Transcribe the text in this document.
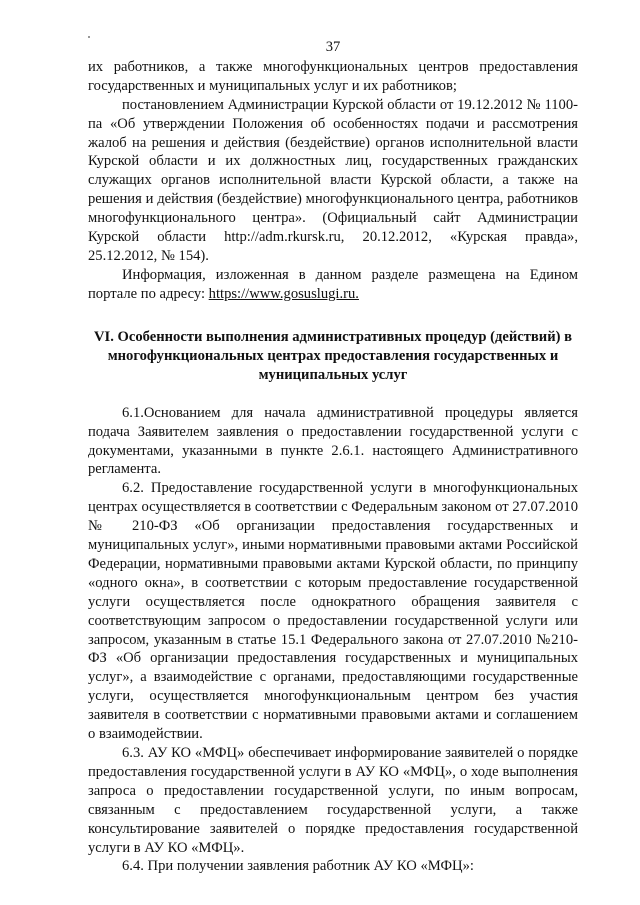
37

их работников, а также многофункциональных центров предоставления государственных и муниципальных услуг и их работников;

постановлением Администрации Курской области от 19.12.2012 № 1100-па «Об утверждении Положения об особенностях подачи и рассмотрения жалоб на решения и действия (бездействие) органов исполнительной власти Курской области и их должностных лиц, государственных гражданских служащих органов исполнительной власти Курской области, а также на решения и действия (бездействие) многофункционального центра, работников многофункционального центра». (Официальный сайт Администрации Курской области http://adm.rkursk.ru, 20.12.2012, «Курская правда», 25.12.2012, № 154).

Информация, изложенная в данном разделе размещена на Едином портале по адресу: https://www.gosuslugi.ru.

VI. Особенности выполнения административных процедур (действий) в многофункциональных центрах предоставления государственных и муниципальных услуг

6.1.Основанием для начала административной процедуры является подача Заявителем заявления о предоставлении государственной услуги с документами, указанными в пункте 2.6.1. настоящего Административного регламента.

6.2. Предоставление государственной услуги в многофункциональных центрах осуществляется в соответствии с Федеральным законом от 27.07.2010 № 210-ФЗ «Об организации предоставления государственных и муниципальных услуг», иными нормативными правовыми актами Российской Федерации, нормативными правовыми актами Курской области, по принципу «одного окна», в соответствии с которым предоставление государственной услуги осуществляется после однократного обращения заявителя с соответствующим запросом о предоставлении государственной услуги или запросом, указанным в статье 15.1 Федерального закона от 27.07.2010 №210-ФЗ «Об организации предоставления государственных и муниципальных услуг», а взаимодействие с органами, предоставляющими государственные услуги, осуществляется многофункциональным центром без участия заявителя в соответствии с нормативными правовыми актами и соглашением о взаимодействии.

6.3. АУ КО «МФЦ» обеспечивает информирование заявителей о порядке предоставления государственной услуги в АУ КО «МФЦ», о ходе выполнения запроса о предоставлении государственной услуги, по иным вопросам, связанным с предоставлением государственной услуги, а также консультирование заявителей о порядке предоставления государственной услуги в АУ КО «МФЦ».

6.4. При получении заявления работник АУ КО «МФЦ»:
